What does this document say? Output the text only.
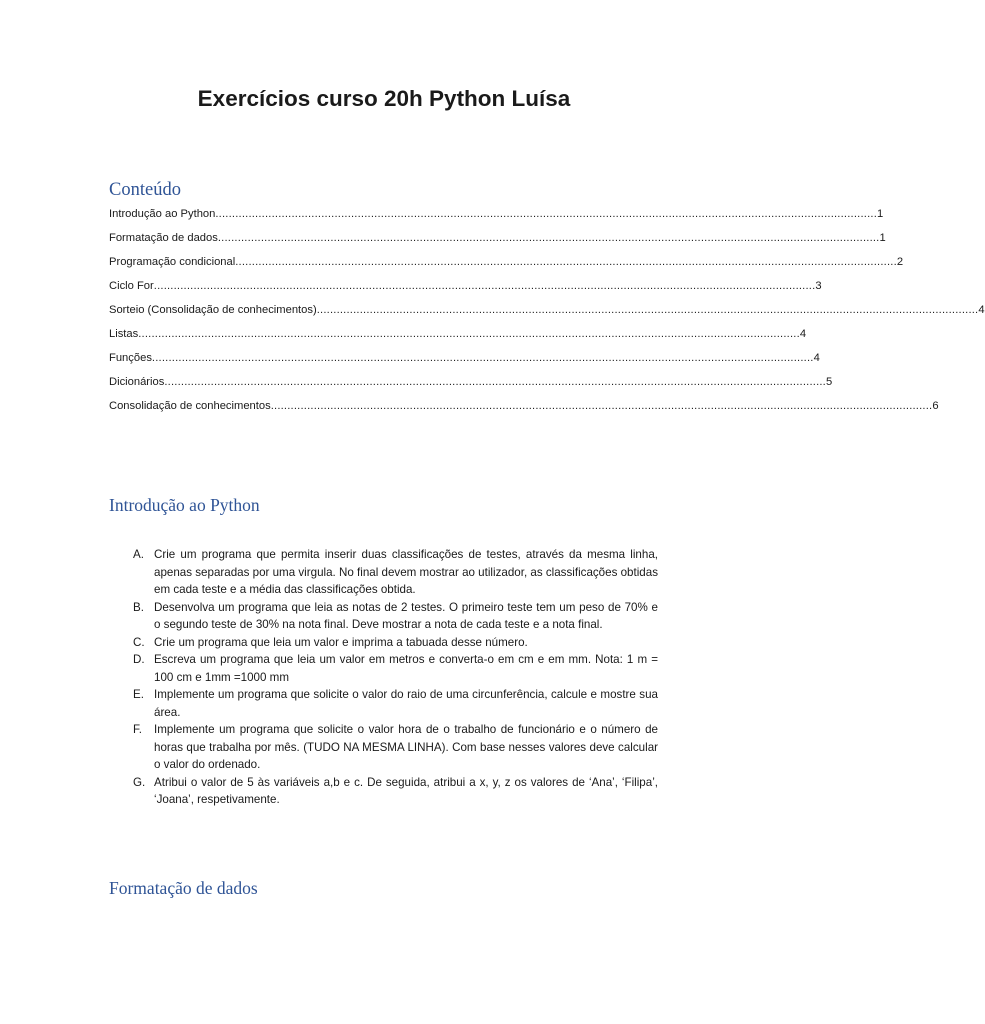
Exercícios curso 20h Python Luísa
Conteúdo
Introdução ao Python ........................................................................................................................................................................................................ 1
Formatação de dados ........................................................................................................................................................................................................ 1
Programação condicional ........................................................................................................................................................................................................ 2
Ciclo For ........................................................................................................................................................................................................ 3
Sorteio (Consolidação de conhecimentos) ........................................................................................................................................................................................................ 4
Listas ........................................................................................................................................................................................................ 4
Funções ........................................................................................................................................................................................................ 4
Dicionários ........................................................................................................................................................................................................ 5
Consolidação de conhecimentos ........................................................................................................................................................................................................ 6
Introdução ao Python
A. Crie um programa que permita inserir duas classificações de testes, através da mesma linha, apenas separadas por uma virgula. No final devem mostrar ao utilizador, as classificações obtidas em cada teste e a média das classificações obtida.
B. Desenvolva um programa que leia as notas de 2 testes. O primeiro teste tem um peso de 70% e o segundo teste de 30% na nota final. Deve mostrar a nota de cada teste e a nota final.
C. Crie um programa que leia um valor e imprima a tabuada desse número.
D. Escreva um programa que leia um valor em metros e converta-o em cm e em mm. Nota: 1 m = 100 cm e 1mm =1000 mm
E. Implemente um programa que solicite o valor do raio de uma circunferência, calcule e mostre sua área.
F.	Implemente um programa que solicite o valor hora de o trabalho de funcionário e o número de horas que trabalha por mês. (TUDO NA MESMA LINHA). Com base nesses valores deve calcular o valor do ordenado.
G. Atribui o valor de 5 às variáveis a,b e c. De seguida, atribui a x, y, z os valores de ‘Ana’, ‘Filipa’, ‘Joana’, respetivamente.
Formatação de dados
